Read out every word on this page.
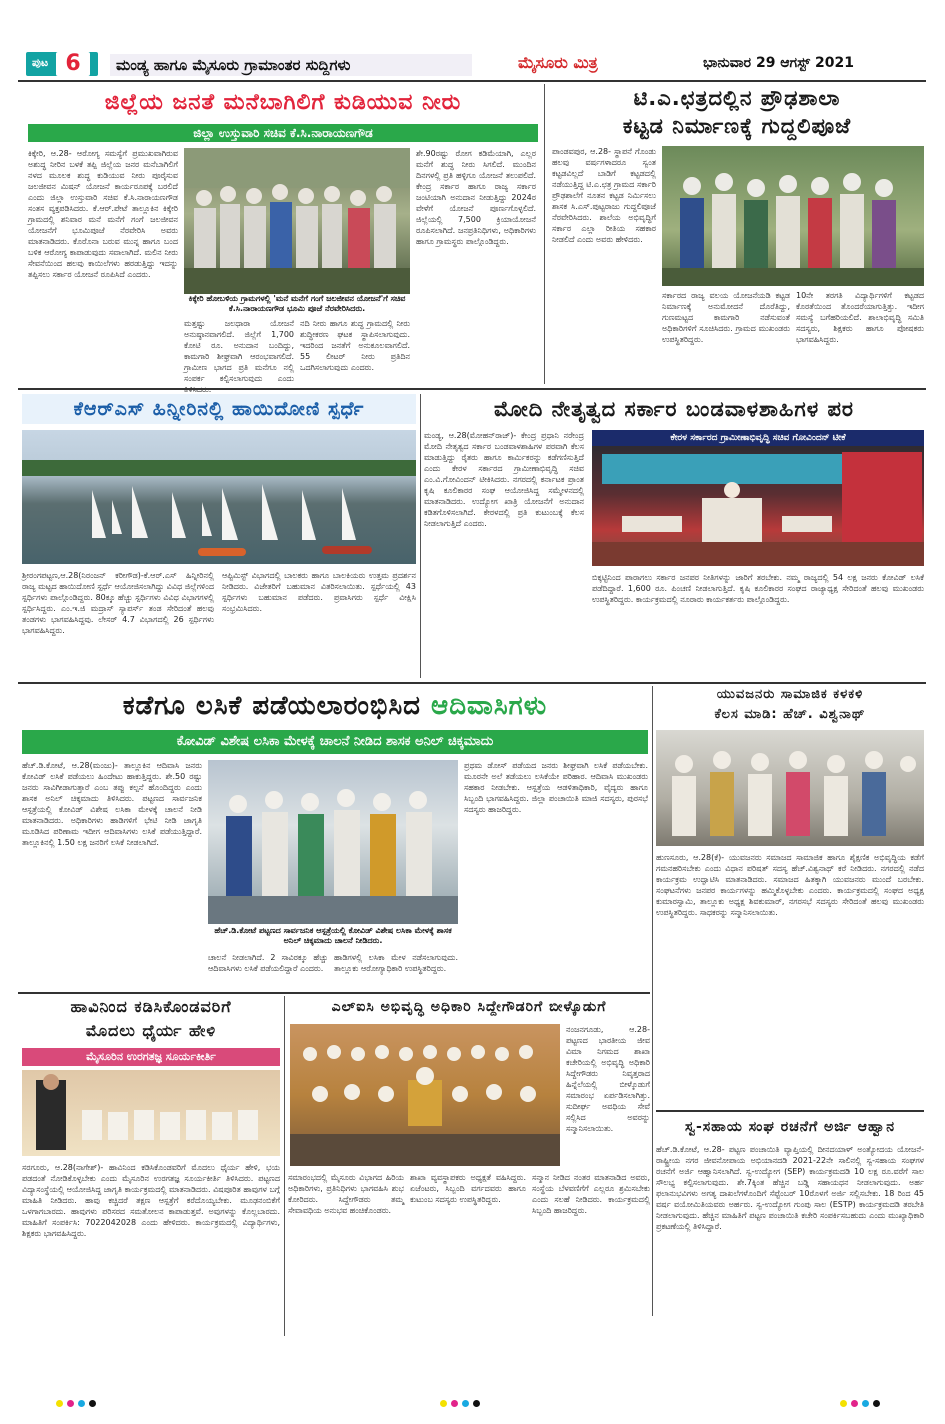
ಪುಟ 6	ಮಂಡ್ಯ ಹಾಗೂ ಮೈಸೂರು ಗ್ರಾಮಾಂತರ ಸುದ್ದಿಗಳು	ಮೈಸೂರು ಮಿತ್ರ	ಭಾನುವಾರ 29 ಆಗಸ್ಟ್ 2021
ಜಿಲ್ಲೆಯ ಜನತೆ ಮನೆಬಾಗಿಲಿಗೆ ಕುಡಿಯುವ ನೀರು
ಜಿಲ್ಲಾ ಉಸ್ತುವಾರಿ ಸಚಿವ ಕೆ.ಸಿ.ನಾರಾಯಣಗೌಡ
ಕಿಕ್ಕೇರಿ, ಆ.28- ಆರೋಗ್ಯ ಸಮಸ್ಯೆಗೆ ಪ್ರಮುಖವಾಗಿರುವ ಅಶುದ್ಧ ನೀರಿನ ಬಳಕೆ ತಪ್ಪಿ ಜಿಲ್ಲೆಯ ಜನರ ಮನೆಬಾಗಿಲಿಗೆ ನಳದ ಮೂಲಕ ಶುದ್ಧ ಕುಡಿಯುವ ನೀರು ಪೂರೈಸುವ ಜಲಜೀವನ ಮಿಷನ್ ಯೋಜನೆ ಕಾರ್ಯರೂಪಕ್ಕೆ ಬರಲಿದೆ ಎಂದು ಜಿಲ್ಲಾ ಉಸ್ತುವಾರಿ ಸಚಿವ ಕೆ.ಸಿ.ನಾರಾಯಣಗೌಡ ಸಂತಸ ವ್ಯಕ್ತಪಡಿಸಿದರು. ಕೆ.ಆರ್.ಪೇಟೆ ತಾಲ್ಲೂಕಿನ ಕಿಕ್ಕೇರಿ ಗ್ರಾಮದಲ್ಲಿ ಶನಿವಾರ ಮನೆ ಮನೆಗೆ ಗಂಗೆ ಜಲಜೀವನ ಯೋಜನೆಗೆ ಭೂಮಿಪೂಜೆ ನೆರವೇರಿಸಿ ಅವರು ಮಾತನಾಡಿದರು. ಕೊರೊನಾ ಬರುವ ಮುನ್ನ ಹಾಗೂ ಬಂದ ಬಳಿಕ ಆರೋಗ್ಯ ಕಾಪಾಡುವುದು ಸವಾಲಾಗಿದೆ. ಮಲಿನ ನೀರು ಸೇವನೆಯಿಂದ ಹಲವು ಕಾಯಿಲೆಗಳು ಹರಡುತ್ತಿದ್ದು ಇದನ್ನು ತಪ್ಪಿಸಲು ಸರ್ಕಾರ ಯೋಜನೆ ರೂಪಿಸಿದೆ ಎಂದರು.
ಕಿಕ್ಕೇರಿ ಹೋಬಳಿಯ ಗ್ರಾಮಗಳಲ್ಲಿ 'ಮನೆ ಮನೆಗೆ ಗಂಗೆ ಜಲಜೀವನ ಯೋಜನೆ'ಗೆ ಸಚಿವ ಕೆ.ಸಿ.ನಾರಾಯಣಗೌಡ ಭೂಮಿ ಪೂಜೆ ನೆರವೇರಿಸಿದರು.
ಮತ್ತಷ್ಟು ಜಲಧಾರಾ ಯೋಜನೆ ಅನುಷ್ಠಾನವಾಗಲಿದೆ. ಜಿಲ್ಲೆಗೆ 1,700 ಕೋಟಿ ರೂ. ಅನುದಾನ ಬಂದಿದ್ದು, ಕಾಮಗಾರಿ ಶೀಘ್ರವಾಗಿ ಆರಂಭವಾಗಲಿದೆ. ಗ್ರಾಮೀಣ ಭಾಗದ ಪ್ರತಿ ಮನೆಗೂ ನಲ್ಲಿ ಸಂಪರ್ಕ ಕಲ್ಪಿಸಲಾಗುವುದು ಎಂದು
ನದಿ ನೀರು ಹಾಗೂ ಶುದ್ಧ ಗ್ರಾಮದಲ್ಲಿ ನೀರು ಶುದ್ಧೀಕರಣ ಘಟಕ ಸ್ಥಾಪಿಸಲಾಗುವುದು. ಇದರಿಂದ ಜನತೆಗೆ ಅನುಕೂಲವಾಗಲಿದೆ. 55 ಲೀಟರ್ ನೀರು ಪ್ರತಿದಿನ ಒದಗಿಸಲಾಗುವುದು ಎಂದರು.
ಶೇ.90ರಷ್ಟು ರೋಗ ಕಡಿಮೆಯಾಗಿ, ಎಲ್ಲರ ಮನೆಗೆ ಶುದ್ಧ ನೀರು ಸಿಗಲಿದೆ. ಮುಂದಿನ ದಿನಗಳಲ್ಲಿ ಪ್ರತಿ ಹಳ್ಳಿಗೂ ಯೋಜನೆ ತಲುಪಲಿದೆ. ಕೇಂದ್ರ ಸರ್ಕಾರ ಹಾಗೂ ರಾಜ್ಯ ಸರ್ಕಾರ ಜಂಟಿಯಾಗಿ ಅನುದಾನ ನೀಡುತ್ತಿದ್ದು 2024ರ ವೇಳೆಗೆ ಯೋಜನೆ ಪೂರ್ಣಗೊಳ್ಳಲಿದೆ. ಜಿಲ್ಲೆಯಲ್ಲಿ 7,500 ಕ್ರಿಯಾಯೋಜನೆ ರೂಪಿಸಲಾಗಿದೆ. ಜನಪ್ರತಿನಿಧಿಗಳು, ಅಧಿಕಾರಿಗಳು ಹಾಗೂ ಗ್ರಾಮಸ್ಥರು ಪಾಲ್ಗೊಂಡಿದ್ದರು.
ಟಿ.ಎ.ಛತ್ರದಲ್ಲಿನ ಪ್ರೌಢಶಾಲಾ
ಕಟ್ಟಡ ನಿರ್ಮಾಣಕ್ಕೆ ಗುದ್ದಲಿಪೂಜೆ
ಪಾಂಡವಪುರ, ಆ.28- ಸ್ಥಾಪನೆ ಗೊಂಡು ಹಲವು ವರ್ಷಗಳಾದರೂ ಸ್ವಂತ ಕಟ್ಟಡವಿಲ್ಲದೆ ಬಾಡಿಗೆ ಕಟ್ಟಡದಲ್ಲಿ ನಡೆಯುತ್ತಿದ್ದ ಟಿ.ಎ.ಛತ್ರ ಗ್ರಾಮದ ಸರ್ಕಾರಿ ಪ್ರೌಢಶಾಲೆಗೆ ನೂತನ ಕಟ್ಟಡ ನಿರ್ಮಿಸಲು ಶಾಸಕ ಸಿ.ಎಸ್.ಪುಟ್ಟರಾಜು ಗುದ್ದಲಿಪೂಜೆ ನೆರವೇರಿಸಿದರು. ಶಾಲೆಯ ಅಭಿವೃದ್ಧಿಗೆ ಸರ್ಕಾರ ಎಲ್ಲಾ ರೀತಿಯ ಸಹಕಾರ ನೀಡಲಿದೆ ಎಂದು ಅವರು ಹೇಳಿದರು.
ಸರ್ಕಾರದ ರಾಜ್ಯ ವಲಯ ಯೋಜನೆಯಡಿ ಕಟ್ಟಡ ನಿರ್ಮಾಣಕ್ಕೆ ಅನುಮೋದನೆ ದೊರೆತಿದ್ದು, ಗುಣಮಟ್ಟದ ಕಾಮಗಾರಿ ನಡೆಸುವಂತೆ ಅಧಿಕಾರಿಗಳಿಗೆ ಸೂಚಿಸಿದರು. ಗ್ರಾಮದ ಮುಖಂಡರು ಉಪಸ್ಥಿತರಿದ್ದರು.
10ನೇ ತರಗತಿ ವಿದ್ಯಾರ್ಥಿಗಳಿಗೆ ಕಟ್ಟಡದ ಕೊರತೆಯಿಂದ ತೊಂದರೆಯಾಗುತ್ತಿತ್ತು. ಇದೀಗ ಸಮಸ್ಯೆ ಬಗೆಹರಿಯಲಿದೆ. ಶಾಲಾಭಿವೃದ್ಧಿ ಸಮಿತಿ ಸದಸ್ಯರು, ಶಿಕ್ಷಕರು ಹಾಗೂ ಪೋಷಕರು ಭಾಗವಹಿಸಿದ್ದರು.
ಕೆಆರ್‌ಎಸ್ ಹಿನ್ನೀರಿನಲ್ಲಿ ಹಾಯಿದೋಣಿ ಸ್ಪರ್ಧೆ
ಶ್ರೀರಂಗಪಟ್ಟಣ,ಆ.28(ನಿರಂಜನ್ ಕರೀಗೌಡ)-ಕೆ.ಆರ್.ಎಸ್ ಹಿನ್ನೀರಿನಲ್ಲಿ ರಾಜ್ಯ ಮಟ್ಟದ ಹಾಯಿದೋಣಿ ಸ್ಪರ್ಧೆ ಆಯೋಜಿಸಲಾಗಿದ್ದು ವಿವಿಧ ಜಿಲ್ಲೆಗಳಿಂದ ಸ್ಪರ್ಧಿಗಳು ಪಾಲ್ಗೊಂಡಿದ್ದರು. 80ಕ್ಕೂ ಹೆಚ್ಚು ಸ್ಪರ್ಧಿಗಳು ವಿವಿಧ ವಿಭಾಗಗಳಲ್ಲಿ ಸ್ಪರ್ಧಿಸಿದ್ದರು. ಎಂ.ಇ.ಜಿ ಮದ್ರಾಸ್ ಸ್ಯಾಪರ್ಸ್ ತಂಡ ಸೇರಿದಂತೆ ಹಲವು ತಂಡಗಳು ಭಾಗವಹಿಸಿದ್ದವು. ಲೇಸರ್ 4.7 ವಿಭಾಗದಲ್ಲಿ 26 ಸ್ಪರ್ಧಿಗಳು ಭಾಗವಹಿಸಿದ್ದರು.
ಆಪ್ಟಿಮಿಸ್ಟ್ ವಿಭಾಗದಲ್ಲಿ ಬಾಲಕರು ಹಾಗೂ ಬಾಲಕಿಯರು ಉತ್ತಮ ಪ್ರದರ್ಶನ ನೀಡಿದರು. ವಿಜೇತರಿಗೆ ಬಹುಮಾನ ವಿತರಿಸಲಾಯಿತು. ಸ್ಪರ್ಧೆಯಲ್ಲಿ 43 ಸ್ಪರ್ಧಿಗಳು ಬಹುಮಾನ ಪಡೆದರು. ಪ್ರವಾಸಿಗರು ಸ್ಪರ್ಧೆ ವೀಕ್ಷಿಸಿ ಸಂಭ್ರಮಿಸಿದರು.
ಮೋದಿ ನೇತೃತ್ವದ ಸರ್ಕಾರ ಬಂಡವಾಳಶಾಹಿಗಳ ಪರ
ಮಂಡ್ಯ, ಆ.28(ಮೋಹನ್‌ರಾಜ್)- ಕೇಂದ್ರ ಪ್ರಧಾನಿ ನರೇಂದ್ರ ಮೋದಿ ನೇತೃತ್ವದ ಸರ್ಕಾರ ಬಂಡವಾಳಶಾಹಿಗಳ ಪರವಾಗಿ ಕೆಲಸ ಮಾಡುತ್ತಿದ್ದು ರೈತರು ಹಾಗೂ ಕಾರ್ಮಿಕರನ್ನು ಕಡೆಗಣಿಸುತ್ತಿದೆ ಎಂದು ಕೇರಳ ಸರ್ಕಾರದ ಗ್ರಾಮೀಣಾಭಿವೃದ್ಧಿ ಸಚಿವ ಎಂ.ವಿ.ಗೋವಿಂದನ್ ಟೀಕಿಸಿದರು. ನಗರದಲ್ಲಿ ಕರ್ನಾಟಕ ಪ್ರಾಂತ ಕೃಷಿ ಕೂಲಿಕಾರರ ಸಂಘ ಆಯೋಜಿಸಿದ್ದ ಸಮ್ಮೇಳನದಲ್ಲಿ ಮಾತನಾಡಿದರು. ಉದ್ಯೋಗ ಖಾತ್ರಿ ಯೋಜನೆಗೆ ಅನುದಾನ ಕಡಿತಗೊಳಿಸಲಾಗಿದೆ. ಕೇರಳದಲ್ಲಿ ಪ್ರತಿ ಕುಟುಂಬಕ್ಕೆ ಕೆಲಸ ನೀಡಲಾಗುತ್ತಿದೆ ಎಂದರು.
ಕೇರಳ ಸರ್ಕಾರದ ಗ್ರಾಮೀಣಾಭಿವೃದ್ಧಿ ಸಚಿವ ಗೋವಿಂದನ್ ಟೀಕೆ
ಬಿಕ್ಕಟ್ಟಿನಿಂದ ಪಾರಾಗಲು ಸರ್ಕಾರ ಜನಪರ ನೀತಿಗಳನ್ನು ಜಾರಿಗೆ ತರಬೇಕು. ನಮ್ಮ ರಾಜ್ಯದಲ್ಲಿ 54 ಲಕ್ಷ ಜನರು ಕೋವಿಡ್ ಲಸಿಕೆ ಪಡೆದಿದ್ದಾರೆ. 1,600 ರೂ. ಪಿಂಚಣಿ ನೀಡಲಾಗುತ್ತಿದೆ. ಕೃಷಿ ಕೂಲಿಕಾರರ ಸಂಘದ ರಾಜ್ಯಾಧ್ಯಕ್ಷ ಸೇರಿದಂತೆ ಹಲವು ಮುಖಂಡರು ಉಪಸ್ಥಿತರಿದ್ದರು. ಕಾರ್ಯಕ್ರಮದಲ್ಲಿ ನೂರಾರು ಕಾರ್ಯಕರ್ತರು ಪಾಲ್ಗೊಂಡಿದ್ದರು.
ಕಡೆಗೂ ಲಸಿಕೆ ಪಡೆಯಲಾರಂಭಿಸಿದ ಆದಿವಾಸಿಗಳು
ಕೋವಿಡ್ ವಿಶೇಷ ಲಸಿಕಾ ಮೇಳಕ್ಕೆ ಚಾಲನೆ ನೀಡಿದ ಶಾಸಕ ಅನಿಲ್ ಚಿಕ್ಕಮಾದು
ಹೆಚ್.ಡಿ.ಕೋಟೆ, ಆ.28(ಮಂಜು)- ತಾಲ್ಲೂಕಿನ ಆದಿವಾಸಿ ಜನರು ಕೋವಿಡ್ ಲಸಿಕೆ ಪಡೆಯಲು ಹಿಂದೇಟು ಹಾಕುತ್ತಿದ್ದರು. ಶೇ.50 ರಷ್ಟು ಜನರು ಸಾವಿಗೀಡಾಗುತ್ತಾರೆ ಎಂಬ ತಪ್ಪು ಕಲ್ಪನೆ ಹೊಂದಿದ್ದರು ಎಂದು ಶಾಸಕ ಅನಿಲ್ ಚಿಕ್ಕಮಾದು ತಿಳಿಸಿದರು. ಪಟ್ಟಣದ ಸಾರ್ವಜನಿಕ ಆಸ್ಪತ್ರೆಯಲ್ಲಿ ಕೋವಿಡ್ ವಿಶೇಷ ಲಸಿಕಾ ಮೇಳಕ್ಕೆ ಚಾಲನೆ ನೀಡಿ ಮಾತನಾಡಿದರು. ಅಧಿಕಾರಿಗಳು ಹಾಡಿಗಳಿಗೆ ಭೇಟಿ ನೀಡಿ ಜಾಗೃತಿ ಮೂಡಿಸಿದ ಪರಿಣಾಮ ಇದೀಗ ಆದಿವಾಸಿಗಳು ಲಸಿಕೆ ಪಡೆಯುತ್ತಿದ್ದಾರೆ. ತಾಲ್ಲೂಕಿನಲ್ಲಿ 1.50 ಲಕ್ಷ ಜನರಿಗೆ ಲಸಿಕೆ ನೀಡಲಾಗಿದೆ.
ಹೆಚ್.ಡಿ.ಕೋಟೆ ಪಟ್ಟಣದ ಸಾರ್ವಜನಿಕ ಆಸ್ಪತ್ರೆಯಲ್ಲಿ ಕೋವಿಡ್ ವಿಶೇಷ ಲಸಿಕಾ ಮೇಳಕ್ಕೆ ಶಾಸಕ ಅನಿಲ್ ಚಿಕ್ಕಮಾದು ಚಾಲನೆ ನೀಡಿದರು.
ಚಾಲನೆ ನೀಡಲಾಗಿದೆ. 2 ಸಾವಿರಕ್ಕೂ ಹೆಚ್ಚು ಆದಿವಾಸಿಗಳು ಲಸಿಕೆ ಪಡೆಯಲಿದ್ದಾರೆ ಎಂದರು.
ಹಾಡಿಗಳಲ್ಲಿ ಲಸಿಕಾ ಮೇಳ ನಡೆಸಲಾಗುವುದು. ತಾಲ್ಲೂಕು ಆರೋಗ್ಯಾಧಿಕಾರಿ ಉಪಸ್ಥಿತರಿದ್ದರು.
ಪ್ರಥಮ ಡೋಸ್ ಪಡೆಯದ ಜನರು ಶೀಘ್ರವಾಗಿ ಲಸಿಕೆ ಪಡೆಯಬೇಕು. ಮೂರನೇ ಅಲೆ ತಡೆಯಲು ಲಸಿಕೆಯೇ ಪರಿಹಾರ. ಆದಿವಾಸಿ ಮುಖಂಡರು ಸಹಕಾರ ನೀಡಬೇಕು. ಆಸ್ಪತ್ರೆಯ ಆಡಳಿತಾಧಿಕಾರಿ, ವೈದ್ಯರು ಹಾಗೂ ಸಿಬ್ಬಂದಿ ಭಾಗವಹಿಸಿದ್ದರು. ಜಿಲ್ಲಾ ಪಂಚಾಯಿತಿ ಮಾಜಿ ಸದಸ್ಯರು, ಪುರಸಭೆ ಸದಸ್ಯರು ಹಾಜರಿದ್ದರು.
ಯುವಜನರು ಸಾಮಾಜಿಕ ಕಳಕಳಿ
ಕೆಲಸ ಮಾಡಿ: ಹೆಚ್. ವಿಶ್ವನಾಥ್
ಹುಣಸೂರು, ಆ.28(ಕೆ)- ಯುವಜನರು ಸಮಾಜದ ಸಾಮಾಜಿಕ ಹಾಗೂ ಶೈಕ್ಷಣಿಕ ಅಭಿವೃದ್ಧಿಯ ಕಡೆಗೆ ಗಮನಹರಿಸಬೇಕು ಎಂದು ವಿಧಾನ ಪರಿಷತ್ ಸದಸ್ಯ ಹೆಚ್.ವಿಶ್ವನಾಥ್ ಕರೆ ನೀಡಿದರು. ನಗರದಲ್ಲಿ ನಡೆದ ಕಾರ್ಯಕ್ರಮ ಉದ್ಘಾಟಿಸಿ ಮಾತನಾಡಿದರು. ಸಮಾಜದ ಹಿತಕ್ಕಾಗಿ ಯುವಜನರು ಮುಂದೆ ಬರಬೇಕು. ಸಂಘಟನೆಗಳು ಜನಪರ ಕಾರ್ಯಗಳನ್ನು ಹಮ್ಮಿಕೊಳ್ಳಬೇಕು ಎಂದರು. ಕಾರ್ಯಕ್ರಮದಲ್ಲಿ ಸಂಘದ ಅಧ್ಯಕ್ಷ ಕುಮಾರಸ್ವಾಮಿ, ತಾಲ್ಲೂಕು ಅಧ್ಯಕ್ಷ ಶಿವಕುಮಾರ್, ನಗರಸಭೆ ಸದಸ್ಯರು ಸೇರಿದಂತೆ ಹಲವು ಮುಖಂಡರು ಉಪಸ್ಥಿತರಿದ್ದರು. ಸಾಧಕರನ್ನು ಸನ್ಮಾನಿಸಲಾಯಿತು.
ಹಾವಿನಿಂದ ಕಡಿಸಿಕೊಂಡವರಿಗೆ
ಮೊದಲು ಧೈರ್ಯ ಹೇಳಿ
ಮೈಸೂರಿನ ಉರಗತಜ್ಞ ಸೂರ್ಯಕೀರ್ತಿ
ಸರಗೂರು, ಆ.28(ನಾಗೇಶ್)- ಹಾವಿನಿಂದ ಕಡಿಸಿಕೊಂಡವರಿಗೆ ಮೊದಲು ಧೈರ್ಯ ಹೇಳಿ, ಭಯ ಪಡದಂತೆ ನೋಡಿಕೊಳ್ಳಬೇಕು ಎಂದು ಮೈಸೂರಿನ ಉರಗತಜ್ಞ ಸೂರ್ಯಕೀರ್ತಿ ತಿಳಿಸಿದರು. ಪಟ್ಟಣದ ವಿದ್ಯಾಸಂಸ್ಥೆಯಲ್ಲಿ ಆಯೋಜಿಸಿದ್ದ ಜಾಗೃತಿ ಕಾರ್ಯಕ್ರಮದಲ್ಲಿ ಮಾತನಾಡಿದರು. ವಿಷಪೂರಿತ ಹಾವುಗಳ ಬಗ್ಗೆ ಮಾಹಿತಿ ನೀಡಿದರು. ಹಾವು ಕಚ್ಚಿದರೆ ತಕ್ಷಣ ಆಸ್ಪತ್ರೆಗೆ ಕರೆದೊಯ್ಯಬೇಕು. ಮೂಢನಂಬಿಕೆಗೆ ಒಳಗಾಗಬಾರದು. ಹಾವುಗಳು ಪರಿಸರದ ಸಮತೋಲನ ಕಾಪಾಡುತ್ತವೆ. ಅವುಗಳನ್ನು ಕೊಲ್ಲಬಾರದು. ಮಾಹಿತಿಗೆ ಸಂಪರ್ಕಿಸಿ: 7022042028 ಎಂದು ಹೇಳಿದರು. ಕಾರ್ಯಕ್ರಮದಲ್ಲಿ ವಿದ್ಯಾರ್ಥಿಗಳು, ಶಿಕ್ಷಕರು ಭಾಗವಹಿಸಿದ್ದರು.
ಎಲ್‌ಐಸಿ ಅಭಿವೃದ್ಧಿ ಅಧಿಕಾರಿ ಸಿದ್ದೇಗೌಡರಿಗೆ ಬೀಳ್ಕೊಡುಗೆ
ನಂಜನಗೂಡು, ಆ.28- ಪಟ್ಟಣದ ಭಾರತೀಯ ಜೀವ ವಿಮಾ ನಿಗಮದ ಶಾಖಾ ಕಚೇರಿಯಲ್ಲಿ ಅಭಿವೃದ್ಧಿ ಅಧಿಕಾರಿ ಸಿದ್ದೇಗೌಡರು ನಿವೃತ್ತರಾದ ಹಿನ್ನೆಲೆಯಲ್ಲಿ ಬೀಳ್ಕೊಡುಗೆ ಸಮಾರಂಭ ಏರ್ಪಡಿಸಲಾಗಿತ್ತು. ಸುದೀರ್ಘ ಅವಧಿಯ ಸೇವೆ ಸಲ್ಲಿಸಿದ ಅವರನ್ನು ಸನ್ಮಾನಿಸಲಾಯಿತು.
ಸಮಾರಂಭದಲ್ಲಿ ಮೈಸೂರು ವಿಭಾಗದ ಹಿರಿಯ ಅಧಿಕಾರಿಗಳು, ಪ್ರತಿನಿಧಿಗಳು ಭಾಗವಹಿಸಿ ಶುಭ ಕೋರಿದರು. ಸಿದ್ದೇಗೌಡರು ತಮ್ಮ ಸೇವಾವಧಿಯ ಅನುಭವ ಹಂಚಿಕೊಂಡರು.
ಶಾಖಾ ವ್ಯವಸ್ಥಾಪಕರು ಅಧ್ಯಕ್ಷತೆ ವಹಿಸಿದ್ದರು. ಏಜೆಂಟರು, ಸಿಬ್ಬಂದಿ ವರ್ಗದವರು ಹಾಗೂ ಕುಟುಂಬ ಸದಸ್ಯರು ಉಪಸ್ಥಿತರಿದ್ದರು.
ಸನ್ಮಾನ ನೀಡಿದ ನಂತರ ಮಾತನಾಡಿದ ಅವರು, ಸಂಸ್ಥೆಯ ಬೆಳವಣಿಗೆಗೆ ಎಲ್ಲರೂ ಶ್ರಮಿಸಬೇಕು ಎಂದು ಸಲಹೆ ನೀಡಿದರು. ಕಾರ್ಯಕ್ರಮದಲ್ಲಿ ಸಿಬ್ಬಂದಿ ಹಾಜರಿದ್ದರು.
ಸ್ವ-ಸಹಾಯ ಸಂಘ ರಚನೆಗೆ ಅರ್ಜಿ ಆಹ್ವಾನ
ಹೆಚ್.ಡಿ.ಕೋಟೆ, ಆ.28- ಪಟ್ಟಣ ಪಂಚಾಯಿತಿ ವ್ಯಾಪ್ತಿಯಲ್ಲಿ ದೀನದಯಾಳ್ ಅಂತ್ಯೋದಯ ಯೋಜನೆ-ರಾಷ್ಟ್ರೀಯ ನಗರ ಜೀವನೋಪಾಯ ಅಭಿಯಾನದಡಿ 2021-22ನೇ ಸಾಲಿನಲ್ಲಿ ಸ್ವ-ಸಹಾಯ ಸಂಘಗಳ ರಚನೆಗೆ ಅರ್ಜಿ ಆಹ್ವಾನಿಸಲಾಗಿದೆ. ಸ್ವ-ಉದ್ಯೋಗ (SEP) ಕಾರ್ಯಕ್ರಮದಡಿ 10 ಲಕ್ಷ ರೂ.ವರೆಗೆ ಸಾಲ ಸೌಲಭ್ಯ ಕಲ್ಪಿಸಲಾಗುವುದು. ಶೇ.7ಕ್ಕಿಂತ ಹೆಚ್ಚಿನ ಬಡ್ಡಿ ಸಹಾಯಧನ ನೀಡಲಾಗುವುದು. ಅರ್ಹ ಫಲಾನುಭವಿಗಳು ಅಗತ್ಯ ದಾಖಲೆಗಳೊಂದಿಗೆ ಸೆಪ್ಟೆಂಬರ್ 10ರೊಳಗೆ ಅರ್ಜಿ ಸಲ್ಲಿಸಬೇಕು. 18 ರಿಂದ 45 ವರ್ಷ ವಯೋಮಿತಿಯವರು ಅರ್ಹರು. ಸ್ವ-ಉದ್ಯೋಗ ಗುಂಪು ಸಾಲ (ESTP) ಕಾರ್ಯಕ್ರಮದಡಿ ತರಬೇತಿ ನೀಡಲಾಗುವುದು. ಹೆಚ್ಚಿನ ಮಾಹಿತಿಗೆ ಪಟ್ಟಣ ಪಂಚಾಯಿತಿ ಕಚೇರಿ ಸಂಪರ್ಕಿಸಬಹುದು ಎಂದು ಮುಖ್ಯಾಧಿಕಾರಿ ಪ್ರಕಟಣೆಯಲ್ಲಿ ತಿಳಿಸಿದ್ದಾರೆ.
